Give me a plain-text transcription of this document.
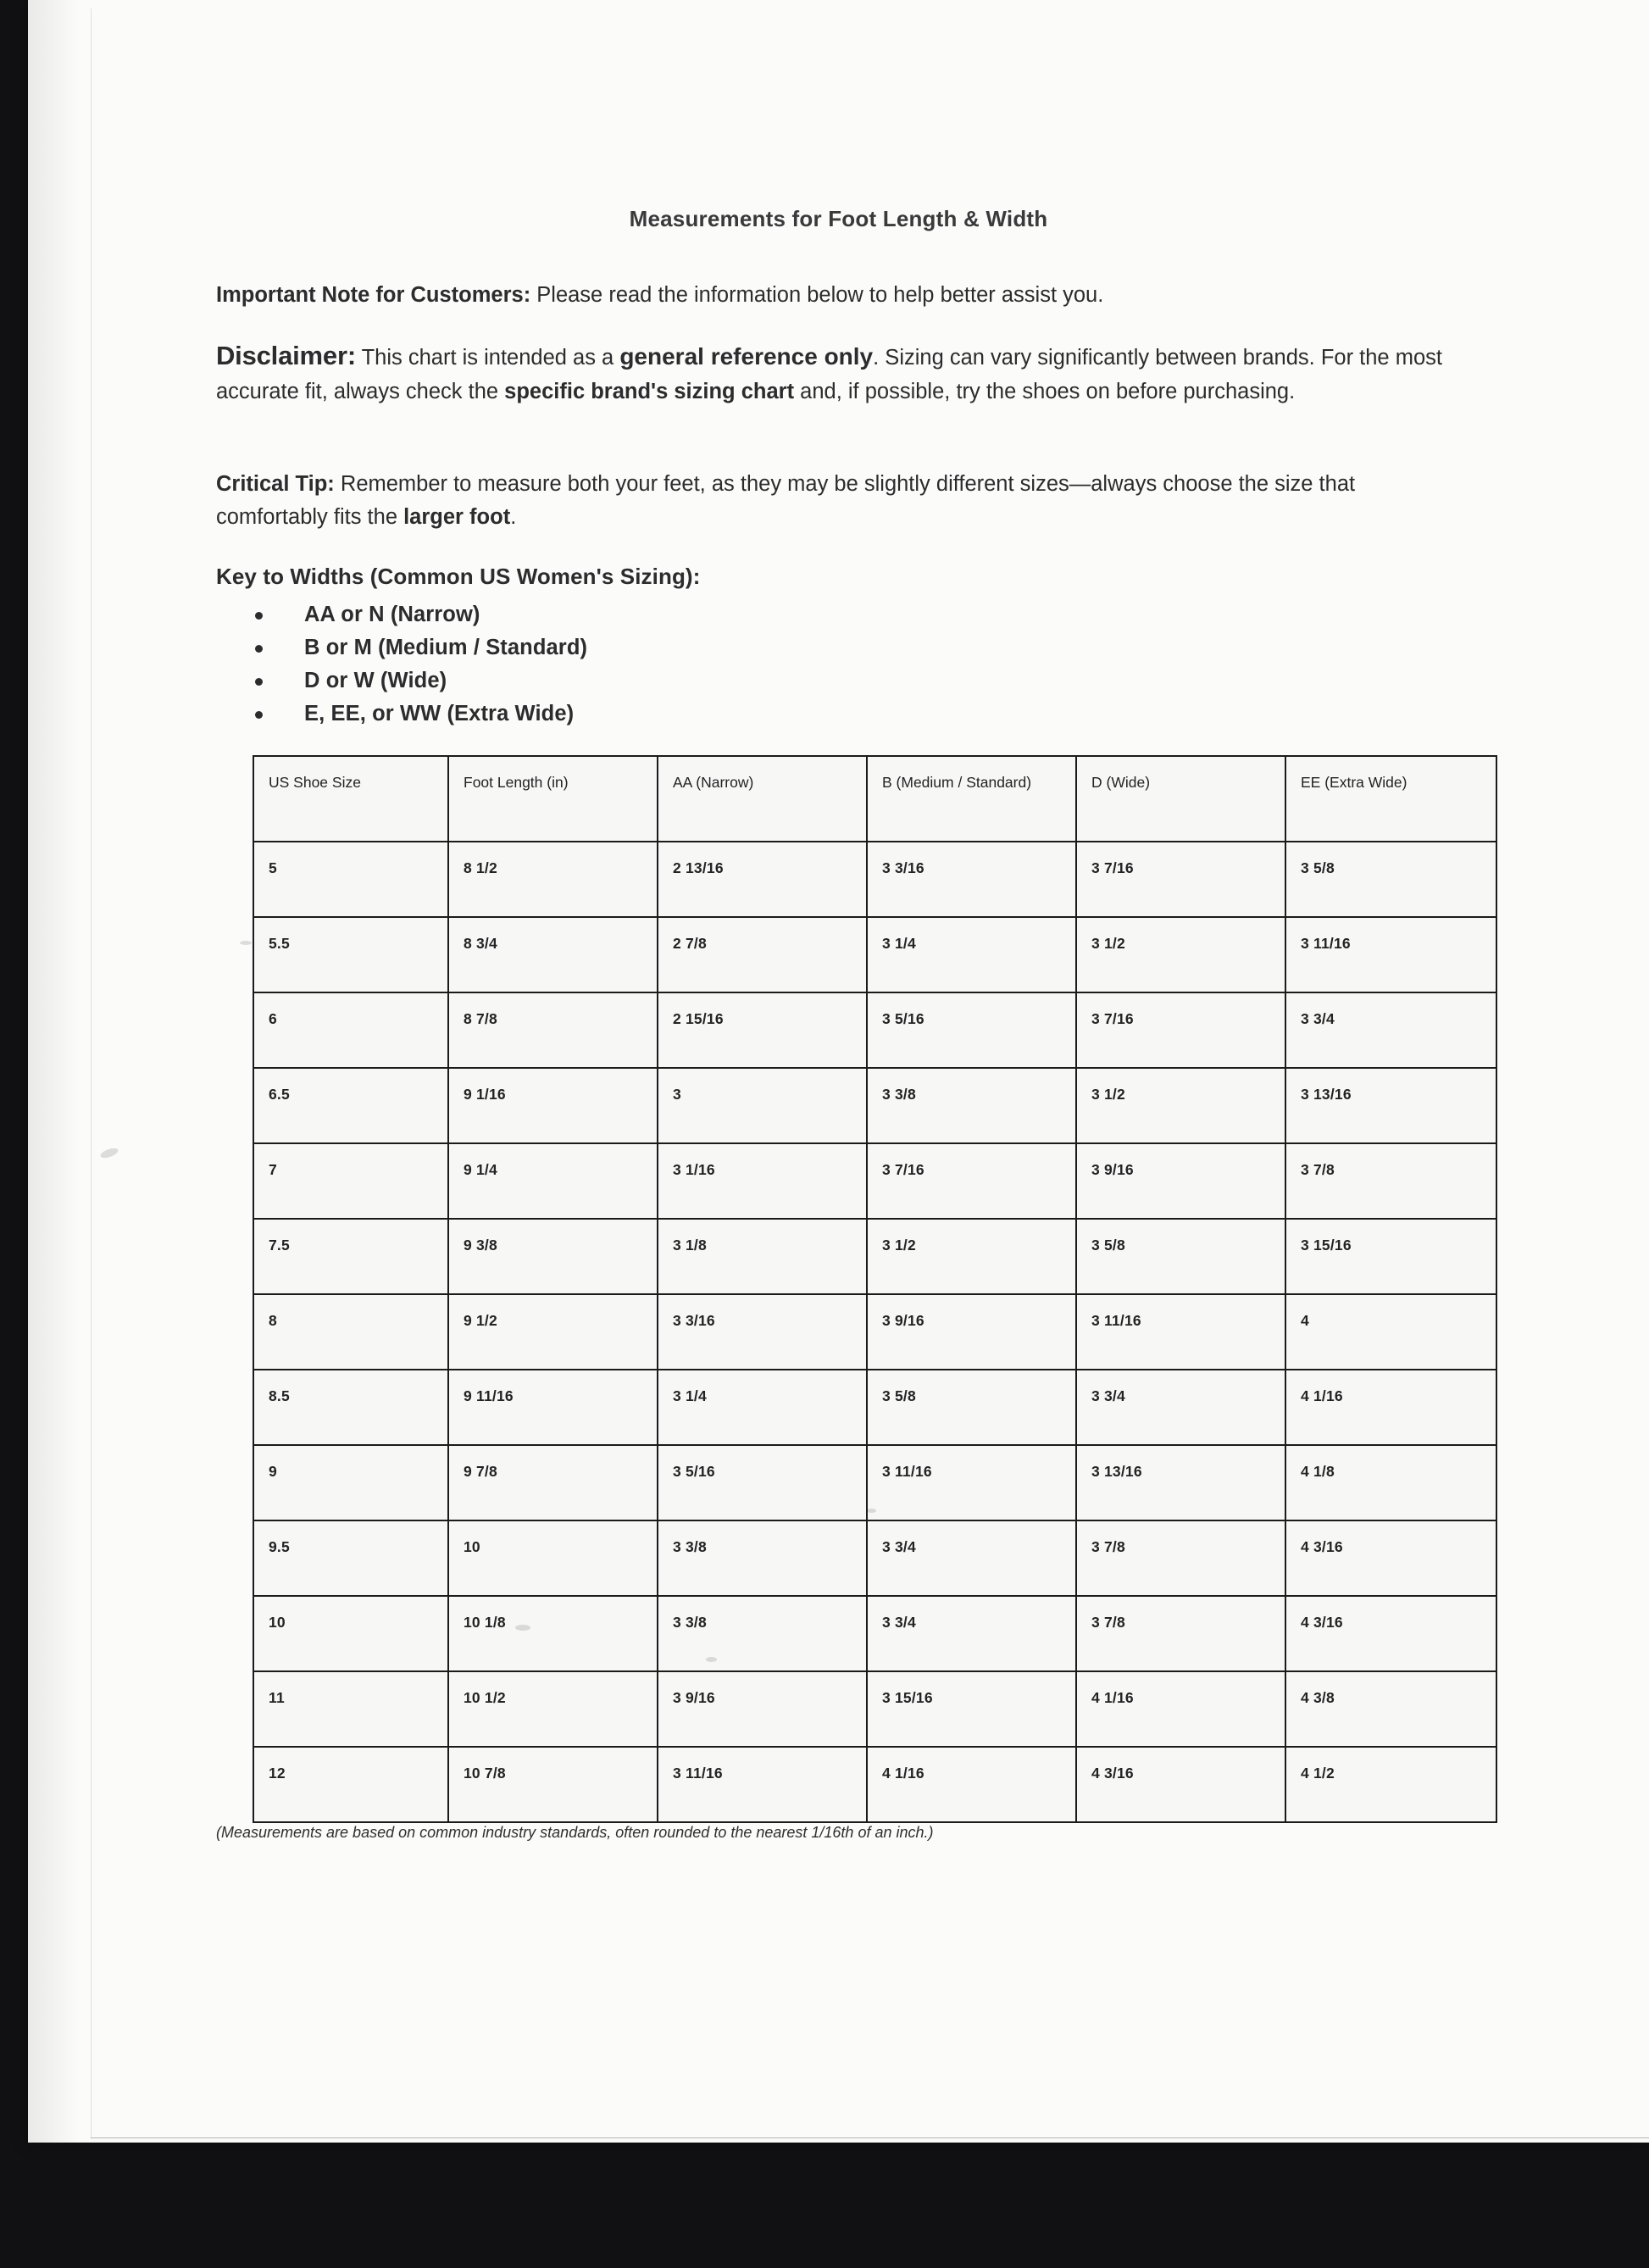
Measurements for Foot Length & Width
Important Note for Customers: Please read the information below to help better assist you.
Disclaimer: This chart is intended as a general reference only. Sizing can vary significantly between brands. For the most accurate fit, always check the specific brand's sizing chart and, if possible, try the shoes on before purchasing.
Critical Tip: Remember to measure both your feet, as they may be slightly different sizes—always choose the size that comfortably fits the larger foot.
Key to Widths (Common US Women's Sizing):
AA or N (Narrow)
B or M (Medium / Standard)
D or W (Wide)
E, EE, or WW (Extra Wide)
US Shoe Size	Foot Length (in)	AA (Narrow)	B (Medium / Standard)	D (Wide)	EE (Extra Wide)
5	8 1/2	2 13/16	3 3/16	3 7/16	3 5/8
5.5	8 3/4	2 7/8	3 1/4	3 1/2	3 11/16
6	8 7/8	2 15/16	3 5/16	3 7/16	3 3/4
6.5	9 1/16	3	3 3/8	3 1/2	3 13/16
7	9 1/4	3 1/16	3 7/16	3 9/16	3 7/8
7.5	9 3/8	3 1/8	3 1/2	3 5/8	3 15/16
8	9 1/2	3 3/16	3 9/16	3 11/16	4
8.5	9 11/16	3 1/4	3 5/8	3 3/4	4 1/16
9	9 7/8	3 5/16	3 11/16	3 13/16	4 1/8
9.5	10	3 3/8	3 3/4	3 7/8	4 3/16
10	10 1/8	3 3/8	3 3/4	3 7/8	4 3/16
11	10 1/2	3 9/16	3 15/16	4 1/16	4 3/8
12	10 7/8	3 11/16	4 1/16	4 3/16	4 1/2
(Measurements are based on common industry standards, often rounded to the nearest 1/16th of an inch.)
